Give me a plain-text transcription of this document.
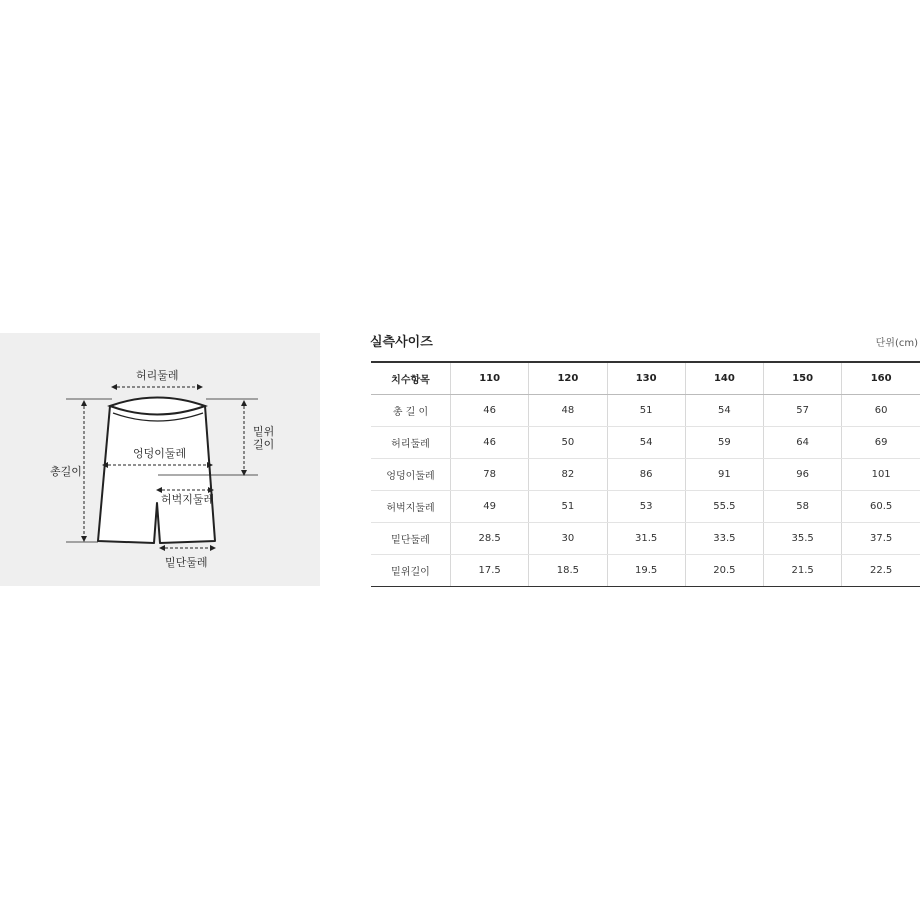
허리둘레
밑위
길이
총길이
엉덩이둘레
허벅지둘레
밑단둘레
실측사이즈	단위(cm)
치수항목	110	120	130	140	150	160
총 길 이	46	48	51	54	57	60
허리둘레	46	50	54	59	64	69
엉덩이둘레	78	82	86	91	96	101
허벅지둘레	49	51	53	55.5	58	60.5
밑단둘레	28.5	30	31.5	33.5	35.5	37.5
밑위길이	17.5	18.5	19.5	20.5	21.5	22.5
